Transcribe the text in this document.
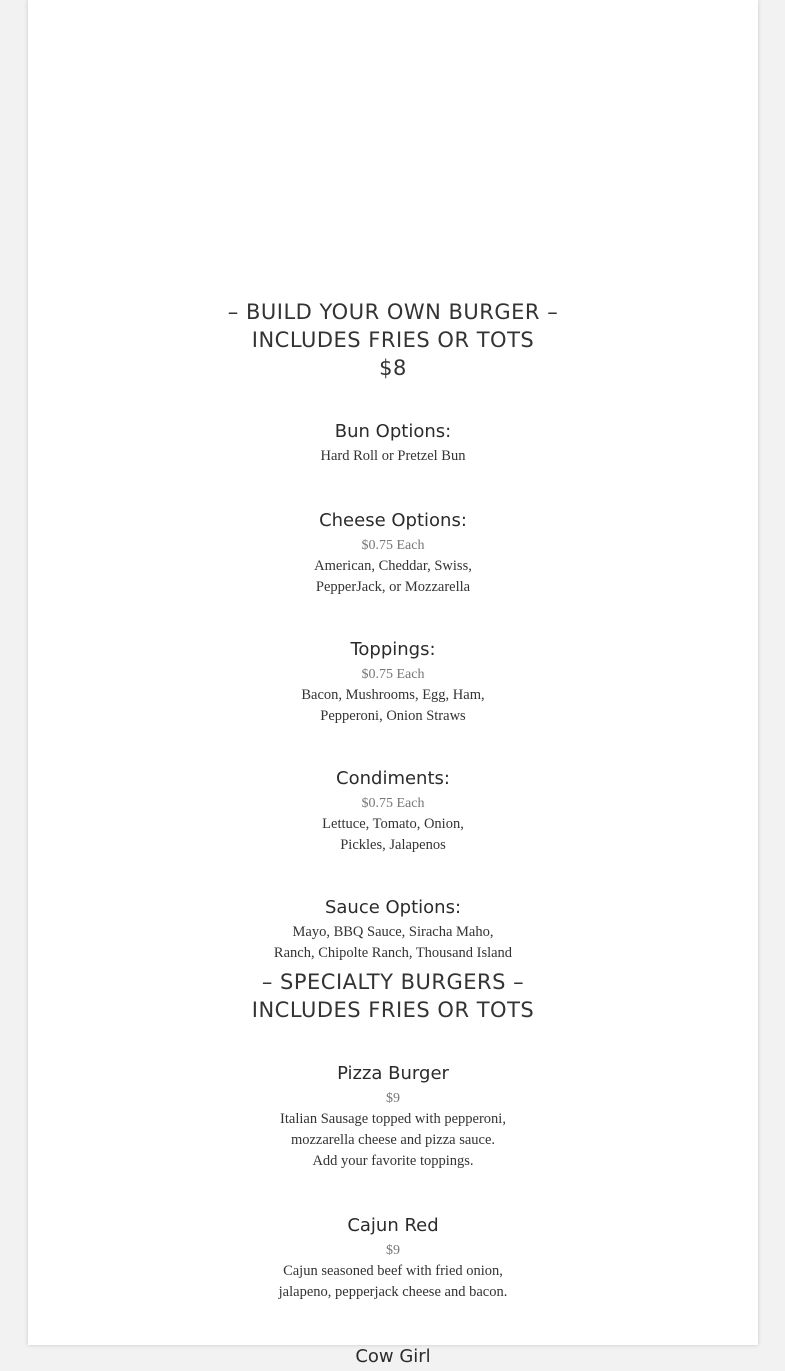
– BUILD YOUR OWN BURGER –
INCLUDES FRIES OR TOTS
$8
Bun Options:
Hard Roll or Pretzel Bun
Cheese Options:
$0.75 Each
American, Cheddar, Swiss,
PepperJack, or Mozzarella
Toppings:
$0.75 Each
Bacon, Mushrooms, Egg, Ham,
Pepperoni, Onion Straws
Condiments:
$0.75 Each
Lettuce, Tomato, Onion,
Pickles, Jalapenos
Sauce Options:
Mayo, BBQ Sauce, Siracha Maho,
Ranch, Chipolte Ranch, Thousand Island
– SPECIALTY BURGERS –
INCLUDES FRIES OR TOTS
Pizza Burger
$9
Italian Sausage topped with pepperoni,
mozzarella cheese and pizza sauce.
Add your favorite toppings.
Cajun Red
$9
Cajun seasoned beef with fried onion,
jalapeno, pepperjack cheese and bacon.
Cow Girl
